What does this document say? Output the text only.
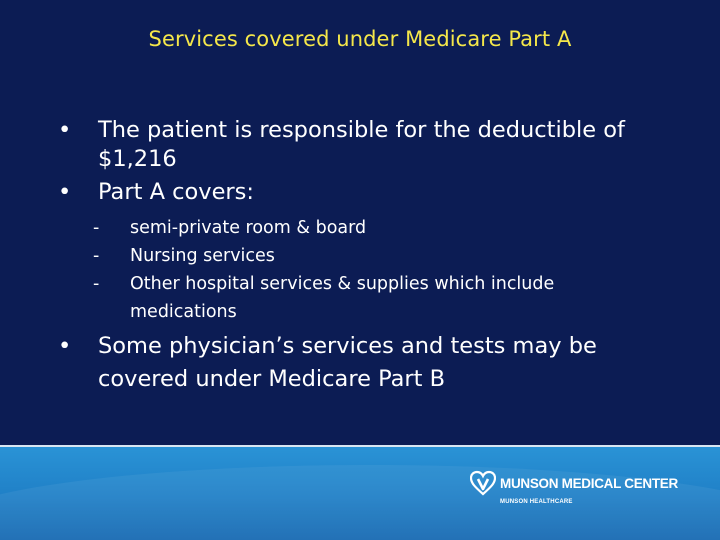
Services covered under Medicare Part A
• The patient is responsible for the deductible of
$1,216
• Part A covers:
- semi-private room & board
- Nursing services
- Other hospital services & supplies which include
medications
• Some physician’s services and tests may be
covered under Medicare Part B
MUNSON MEDICAL CENTER
MUNSON HEALTHCARE
